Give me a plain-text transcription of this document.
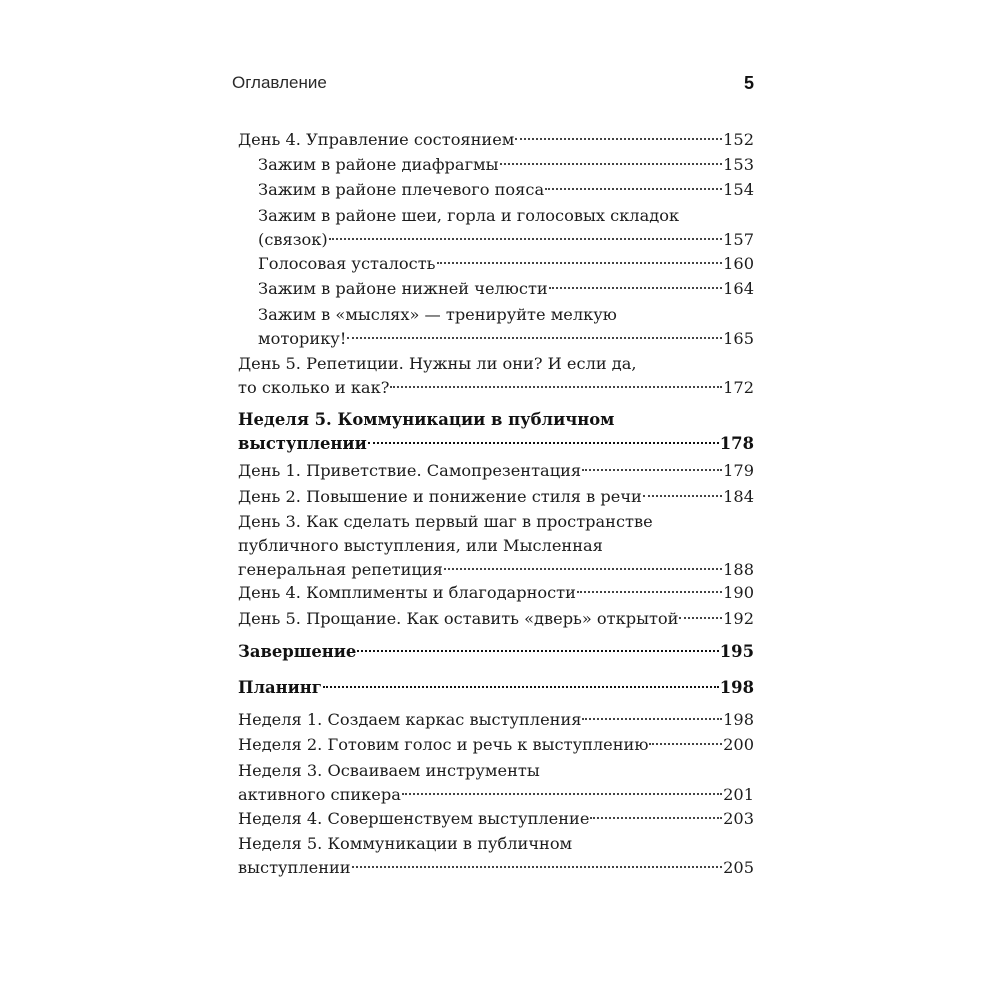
Оглавление	5
День 4. Управление состоянием	152
Зажим в районе диафрагмы	153
Зажим в районе плечевого пояса	154
Зажим в районе шеи, горла и голосовых складок
(связок)	157
Голосовая усталость	160
Зажим в районе нижней челюсти	164
Зажим в «мыслях» — тренируйте мелкую
моторику!	165
День 5. Репетиции. Нужны ли они? И если да,
то сколько и как?	172
Неделя 5. Коммуникации в публичном
выступлении	178
День 1. Приветствие. Самопрезентация	179
День 2. Повышение и понижение стиля в речи	184
День 3. Как сделать первый шаг в пространстве
публичного выступления, или Мысленная
генеральная репетиция	188
День 4. Комплименты и благодарности	190
День 5. Прощание. Как оставить «дверь» открытой	192
Завершение	195
Планинг	198
Неделя 1. Создаем каркас выступления	198
Неделя 2. Готовим голос и речь к выступлению	200
Неделя 3. Осваиваем инструменты
активного спикера	201
Неделя 4. Совершенствуем выступление	203
Неделя 5. Коммуникации в публичном
выступлении	205
